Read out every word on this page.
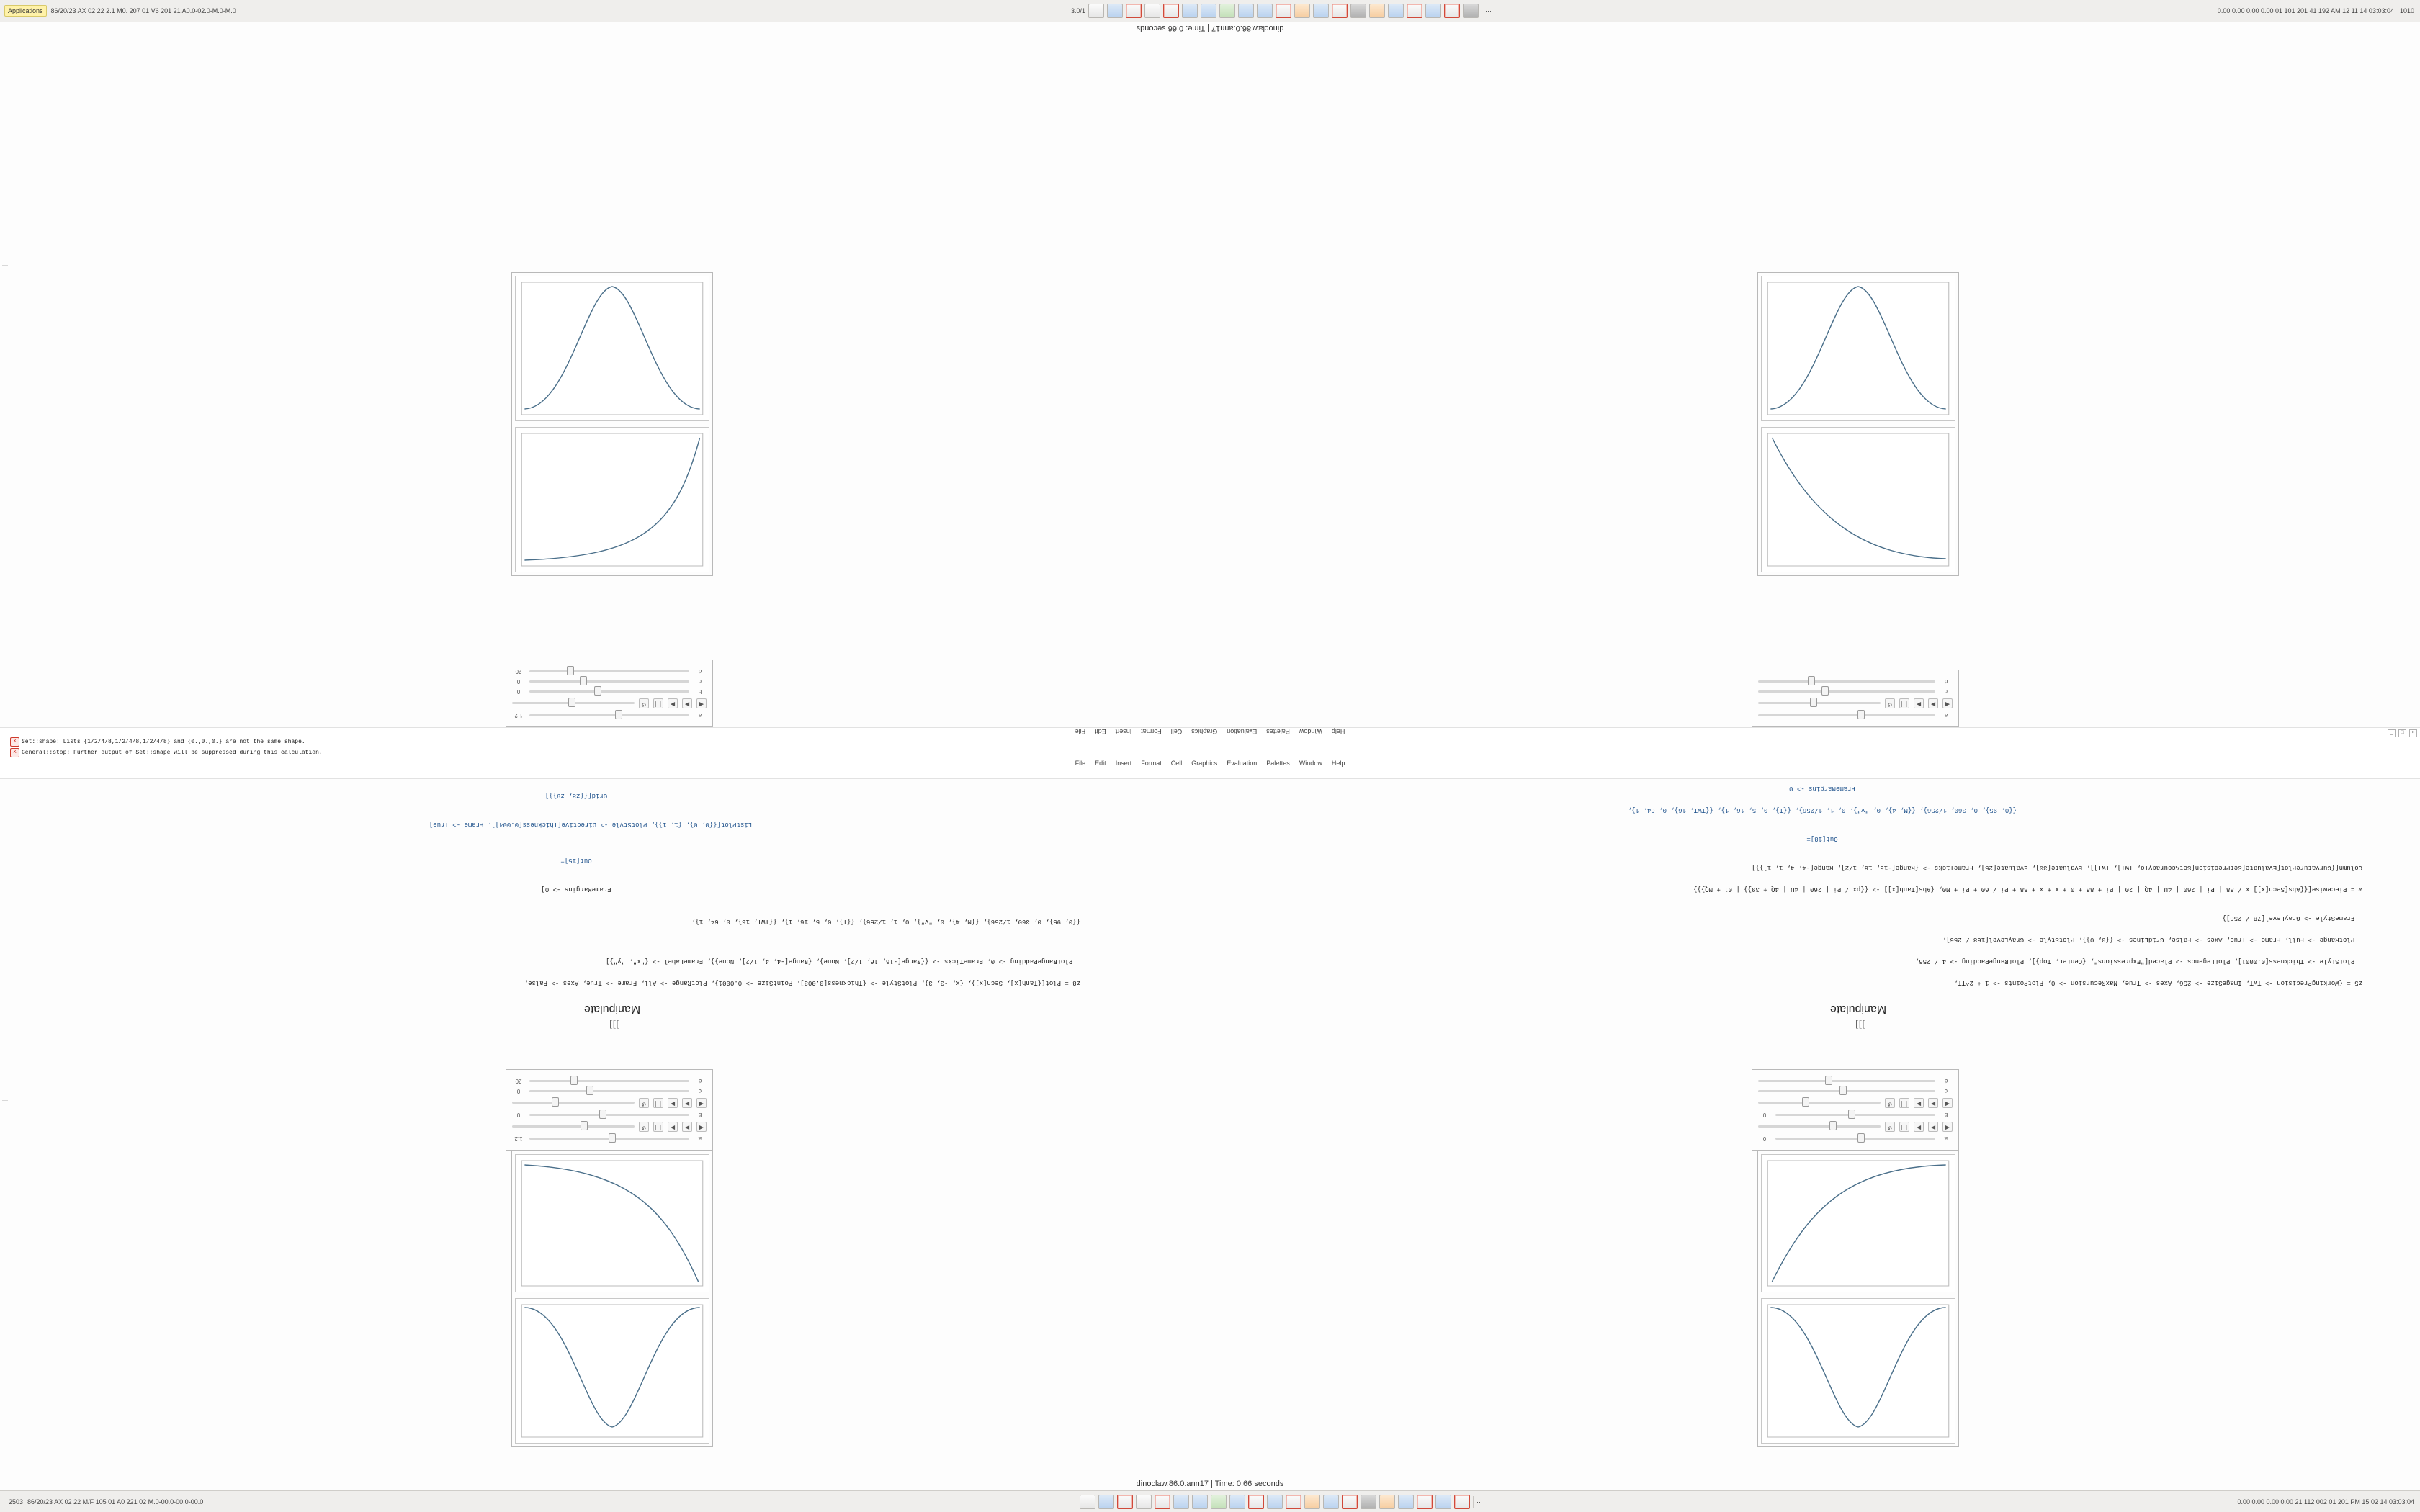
Applications	86/20/23 AX 02 22 2.1 M0. 207 01 V6 201 21 A0.0-02.0-M.0-M.0	3.0/1	···	0.00 0.00 0.00 0.00 01 101 201 41 192 AM 12 11 14 03:03:04 1010
dinoclaw.86.0.ann17 | Time: 0.66 seconds
a
1.2
◀
▶
▶
❙❙
↺
b
0
◀
▶
▶
❙❙
↺
c
0
d
20
]]]
Manipulate
z8 = Plot[{Tanh[x], Sech[x]}, {x, -3, 3}, PlotStyle -> {Thickness[0.003], PointSize -> 0.0001}, PlotRange -> All, Frame -> True, Axes -> False,
PlotRangePadding -> 0, FrameTicks -> {{Range[-16, 16, 1/2], None}, {Range[-4, 4, 1/2], None}}, FrameLabel -> {"x", "y"}]
{{0, 95}, 0, 360, 1/256}, {{M, 4}, 0, "v"}, 0, 1, 1/256}, {{T}, 0, 5, 16, 1}, {{TWT, 16}, 0, 64, 1},
FrameMargins -> 0]
Out[15]=
ListPlot[{{0, 0}, {1, 1}}, PlotStyle -> Directive[Thickness[0.004]], Frame -> True]
Grid[{{z8, z9}}]
a
1.2
◀
▶
▶
❙❙
↺
b
0
c
0
d
20
a
0
◀
▶
▶
❙❙
↺
b
0
◀
▶
▶
❙❙
↺
c
d
]]]
Manipulate
z5 = {WorkingPrecision -> TWT, ImageSize -> 256, Axes -> True, MaxRecursion -> 0, PlotPoints -> 1 + 2^TT,
PlotStyle -> Thickness[0.0001], PlotLegends -> Placed["Expressions", {Center, Top}], PlotRangePadding -> 4 / 256,
PlotRange -> Full, Frame -> True, Axes -> False, GridLines -> {{0, 0}}, PlotStyle -> GrayLevel[168 / 256],
FrameStyle -> GrayLevel[78 / 256]}
w = Piecewise[{{Abs[Sech[x]] x / 88 | Pi | 260 | 4U | 4Q | 20 | Pi + 88 + 0 + x + x + 88 + Pi / 60 + Pi + M0, {Abs[Tanh[x]] -> {{px / Pi | 260 | 4U | 4Q + 39}} | 01 + MQ}}}
Column[{CurvaturePlot[Evaluate[SetPrecision[SetAccuracyTo, TWT], TWT]], Evaluate[30], Evaluate[25], FrameTicks -> {Range[-16, 16, 1/2], Range[-4, 4, 1, 1]}}]
Out[18]=
{{0, 95}, 0, 360, 1/256}, {{M, 4}, 0, "v"}, 0, 1, 1/256}, {{T}, 0, 5, 16, 1}, {{TWT, 16}, 0, 64, 1},
FrameMargins -> 0
a
◀
▶
▶
❙❙
↺
c
d
_	□	×
Help
Window
Palettes
Evaluation
Graphics
Cell
Format
Insert
Edit
File
x Set::shape: Lists {1/2/4/8,1/2/4/8,1/2/4/8} and {0.,0.,0.} are not the same shape.
x General::stop: Further output of Set::shape will be suppressed during this calculation.
File Edit Insert Format Cell Graphics Evaluation Palettes Window Help
dinoclaw.86.0.ann17 | Time: 0.66 seconds
2503 86/20/23 AX 02 22 M/F 105 01 A0 221 02 M.0-00.0-00.0-00.0	···	0.00 0.00 0.00 0.00 21 112 002 01 201 PM 15 02 14 03:03:04
